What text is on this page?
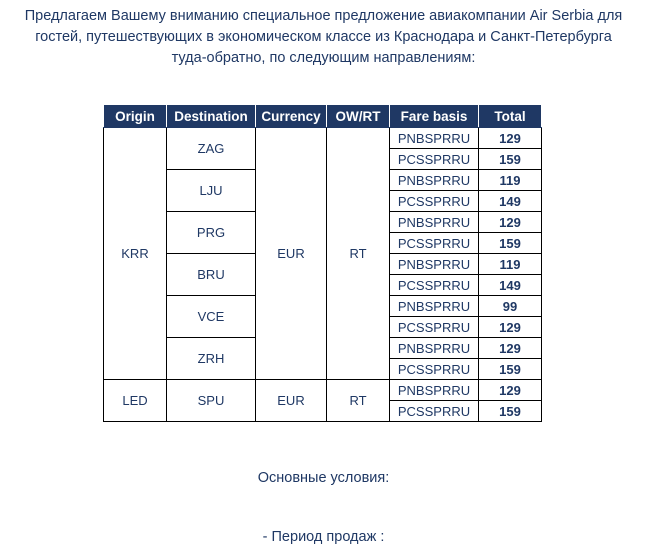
Предлагаем Вашему вниманию специальное предложение авиакомпании Air Serbia для
гостей, путешествующих в экономическом классе из Краснодара и Санкт-Петербурга
туда-обратно, по следующим направлениям:
Origin	Destination	Currency	OW/RT	Fare basis	Total
KRR	ZAG	EUR	RT	PNBSPRRU	129
				PCSSPRRU	159
	LJU			PNBSPRRU	119
				PCSSPRRU	149
	PRG			PNBSPRRU	129
				PCSSPRRU	159
	BRU			PNBSPRRU	119
				PCSSPRRU	149
	VCE			PNBSPRRU	99
				PCSSPRRU	129
	ZRH			PNBSPRRU	129
				PCSSPRRU	159
LED	SPU	EUR	RT	PNBSPRRU	129
				PCSSPRRU	159
Основные условия:
- Период продаж :
